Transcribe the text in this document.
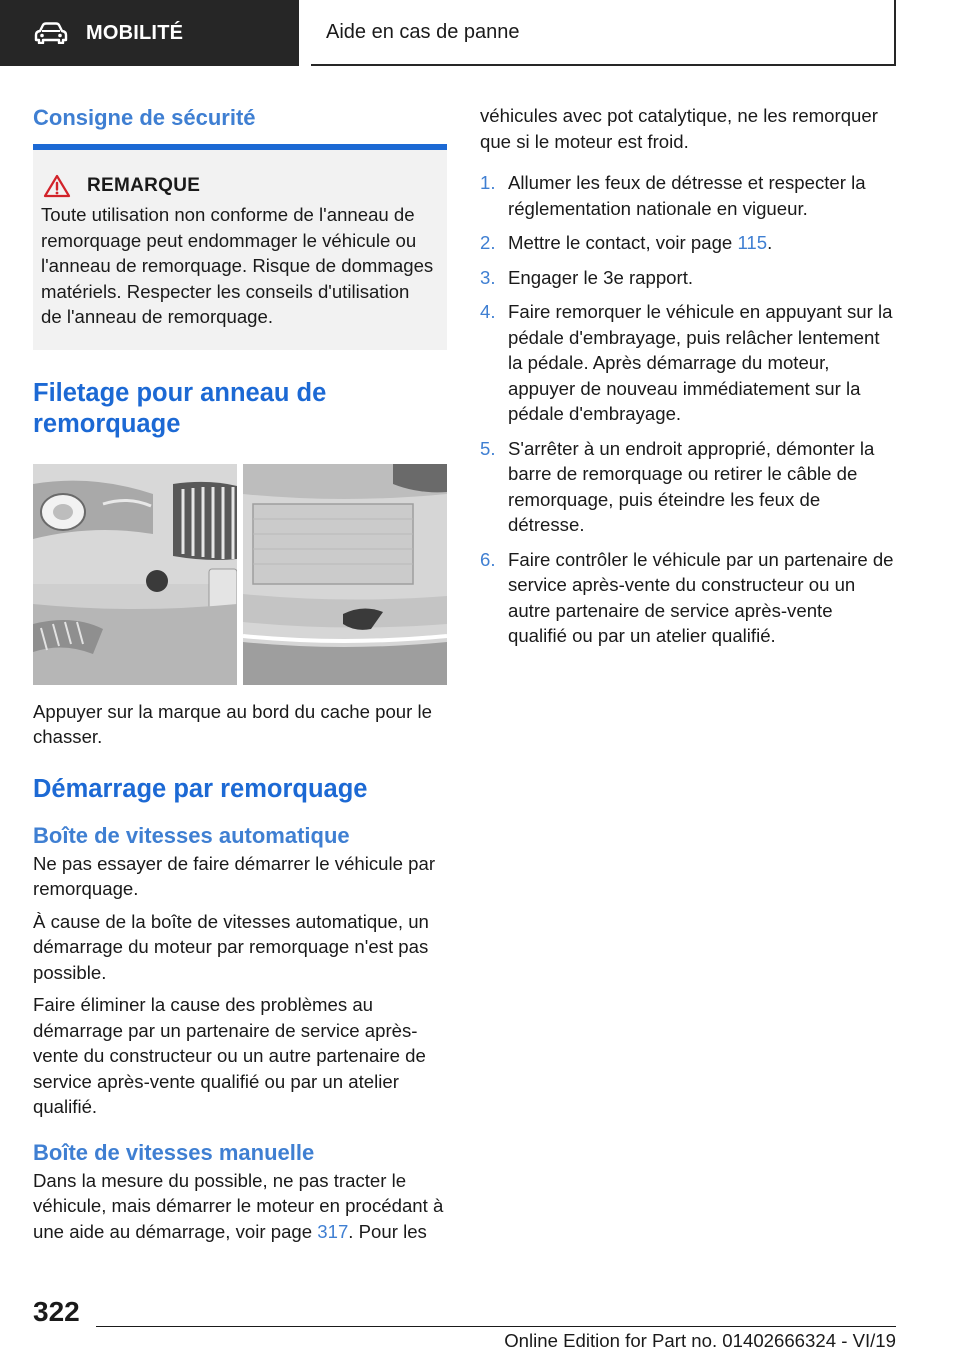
MOBILITÉ	Aide en cas de panne
Consigne de sécurité
REMARQUE

Toute utilisation non conforme de l'anneau de remorquage peut endommager le véhicule ou l'anneau de remorquage. Risque de dommages matériels. Respecter les conseils d'utilisation de l'anneau de remorquage.

Filetage pour anneau de remorquage

Appuyer sur la marque au bord du cache pour le chasser.

Démarrage par remorquage
Boîte de vitesses automatique

Ne pas essayer de faire démarrer le véhicule par remorquage.

À cause de la boîte de vitesses automatique, un démarrage du moteur par remorquage n'est pas possible.

Faire éliminer la cause des problèmes au démarrage par un partenaire de service après-vente du constructeur ou un autre partenaire de service après-vente qualifié ou par un atelier qualifié.

Boîte de vitesses manuelle

Dans la mesure du possible, ne pas tracter le véhicule, mais démarrer le moteur en procédant à une aide au démarrage, voir page 317. Pour les

véhicules avec pot catalytique, ne les remorquer que si le moteur est froid.

1. Allumer les feux de détresse et respecter la réglementation nationale en vigueur.
2. Mettre le contact, voir page 115.
3. Engager le 3e rapport.
4. Faire remorquer le véhicule en appuyant sur la pédale d'embrayage, puis relâcher lentement la pédale. Après démarrage du moteur, appuyer de nouveau immédiatement sur la pédale d'embrayage.
5. S'arrêter à un endroit approprié, démonter la barre de remorquage ou retirer le câble de remorquage, puis éteindre les feux de détresse.
6. Faire contrôler le véhicule par un partenaire de service après-vente du constructeur ou un autre partenaire de service après-vente qualifié ou par un atelier qualifié.
322
Online Edition for Part no. 01402666324 - VI/19
